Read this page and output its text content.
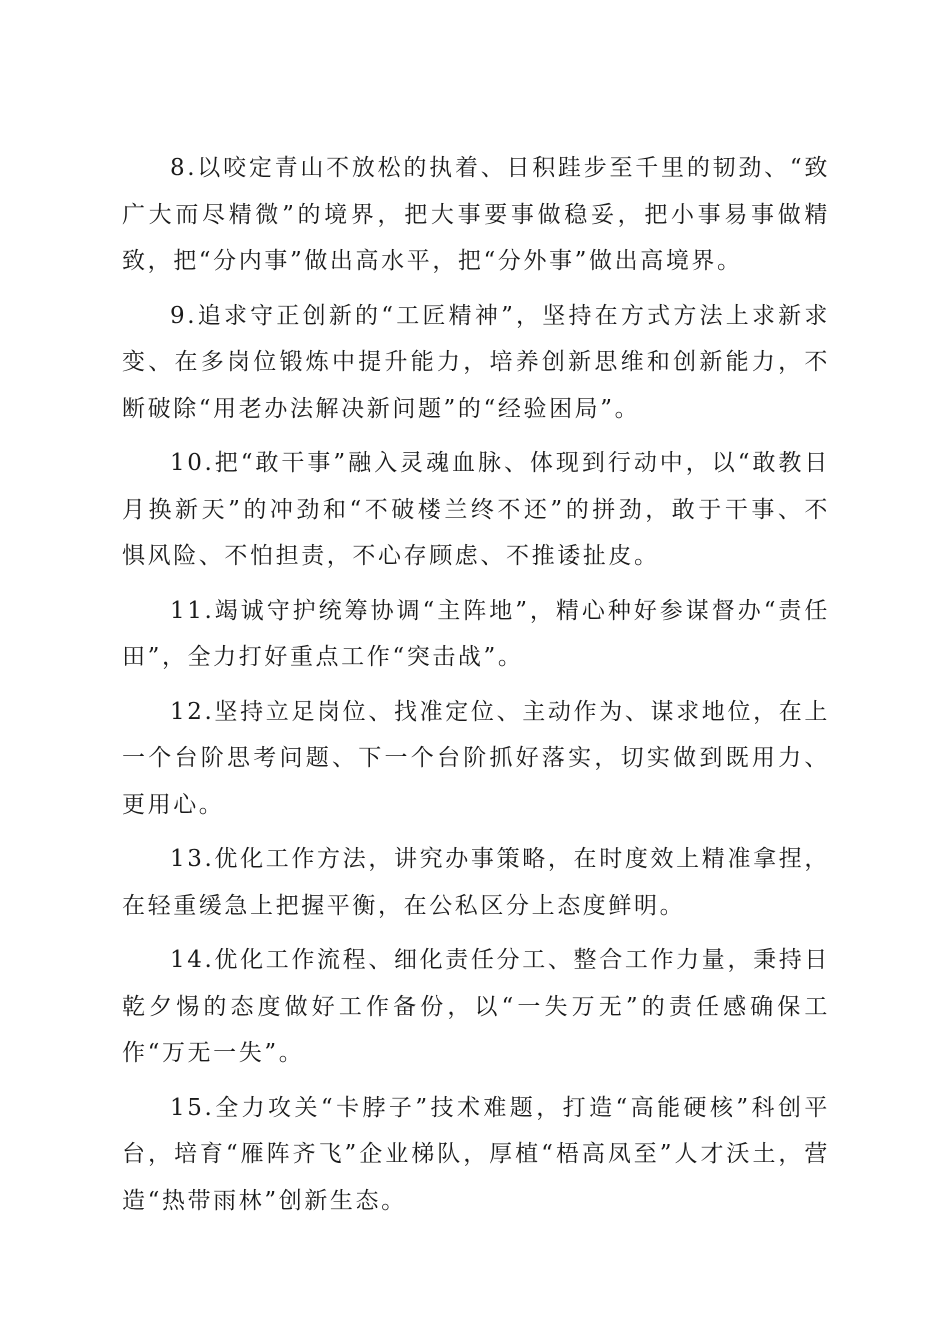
8.以咬定青山不放松的执着、日积跬步至千里的韧劲、“致广大而尽精微”的境界，把大事要事做稳妥，把小事易事做精致，把“分内事”做出高水平，把“分外事”做出高境界。

9.追求守正创新的“工匠精神”，坚持在方式方法上求新求变、在多岗位锻炼中提升能力，培养创新思维和创新能力，不断破除“用老办法解决新问题”的“经验困局”。

10.把“敢干事”融入灵魂血脉、体现到行动中，以“敢教日月换新天”的冲劲和“不破楼兰终不还”的拼劲，敢于干事、不惧风险、不怕担责，不心存顾虑、不推诿扯皮。

11.竭诚守护统筹协调“主阵地”，精心种好参谋督办“责任田”，全力打好重点工作“突击战”。

12.坚持立足岗位、找准定位、主动作为、谋求地位，在上一个台阶思考问题、下一个台阶抓好落实，切实做到既用力、更用心。

13.优化工作方法，讲究办事策略，在时度效上精准拿捏，在轻重缓急上把握平衡，在公私区分上态度鲜明。

14.优化工作流程、细化责任分工、整合工作力量，秉持日乾夕惕的态度做好工作备份，以“一失万无”的责任感确保工作“万无一失”。

15.全力攻关“卡脖子”技术难题，打造“高能硬核”科创平台，培育“雁阵齐飞”企业梯队，厚植“梧高凤至”人才沃土，营造“热带雨林”创新生态。
